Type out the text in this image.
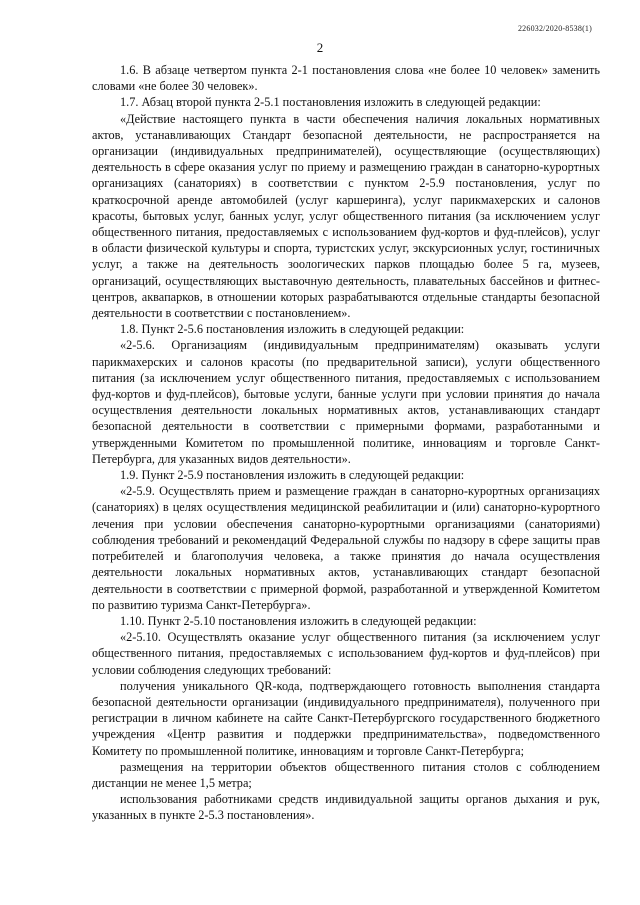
226032/2020-8538(1)
2

1.6. В абзаце четвертом пункта 2-1 постановления слова «не более 10 человек» заменить словами «не более 30 человек».

1.7. Абзац второй пункта 2-5.1 постановления изложить в следующей редакции:

«Действие настоящего пункта в части обеспечения наличия локальных нормативных актов, устанавливающих Стандарт безопасной деятельности, не распространяется на организации (индивидуальных предпринимателей), осуществляющие (осуществляющих) деятельность в сфере оказания услуг по приему и размещению граждан в санаторно-курортных организациях (санаториях) в соответствии с пунктом 2-5.9 постановления, услуг по краткосрочной аренде автомобилей (услуг каршеринга), услуг парикмахерских и салонов красоты, бытовых услуг, банных услуг, услуг общественного питания (за исключением услуг общественного питания, предоставляемых с использованием фуд-кортов и фуд-плейсов), услуг в области физической культуры и спорта, туристских услуг, экскурсионных услуг, гостиничных услуг, а также на деятельность зоологических парков площадью более 5 га, музеев, организаций, осуществляющих выставочную деятельность, плавательных бассейнов и фитнес-центров, аквапарков, в отношении которых разрабатываются отдельные стандарты безопасной деятельности в соответствии с постановлением».

1.8. Пункт 2-5.6 постановления изложить в следующей редакции:

«2-5.6. Организациям (индивидуальным предпринимателям) оказывать услуги парикмахерских и салонов красоты (по предварительной записи), услуги общественного питания (за исключением услуг общественного питания, предоставляемых с использованием фуд-кортов и фуд-плейсов), бытовые услуги, банные услуги при условии принятия до начала осуществления деятельности локальных нормативных актов, устанавливающих стандарт безопасной деятельности в соответствии с примерными формами, разработанными и утвержденными Комитетом по промышленной политике, инновациям и торговле Санкт-Петербурга, для указанных видов деятельности».

1.9. Пункт 2-5.9 постановления изложить в следующей редакции:

«2-5.9. Осуществлять прием и размещение граждан в санаторно-курортных организациях (санаториях) в целях осуществления медицинской реабилитации и (или) санаторно-курортного лечения при условии обеспечения санаторно-курортными организациями (санаториями) соблюдения требований и рекомендаций Федеральной службы по надзору в сфере защиты прав потребителей и благополучия человека, а также принятия до начала осуществления деятельности локальных нормативных актов, устанавливающих стандарт безопасной деятельности в соответствии с примерной формой, разработанной и утвержденной Комитетом по развитию туризма Санкт-Петербурга».

1.10. Пункт 2-5.10 постановления изложить в следующей редакции:

«2-5.10. Осуществлять оказание услуг общественного питания (за исключением услуг общественного питания, предоставляемых с использованием фуд-кортов и фуд-плейсов) при условии соблюдения следующих требований:

получения уникального QR-кода, подтверждающего готовность выполнения стандарта безопасной деятельности организации (индивидуального предпринимателя), полученного при регистрации в личном кабинете на сайте Санкт-Петербургского государственного бюджетного учреждения «Центр развития и поддержки предпринимательства», подведомственного Комитету по промышленной политике, инновациям и торговле Санкт-Петербурга;

размещения на территории объектов общественного питания столов с соблюдением дистанции не менее 1,5 метра;

использования работниками средств индивидуальной защиты органов дыхания и рук, указанных в пункте 2-5.3 постановления».
